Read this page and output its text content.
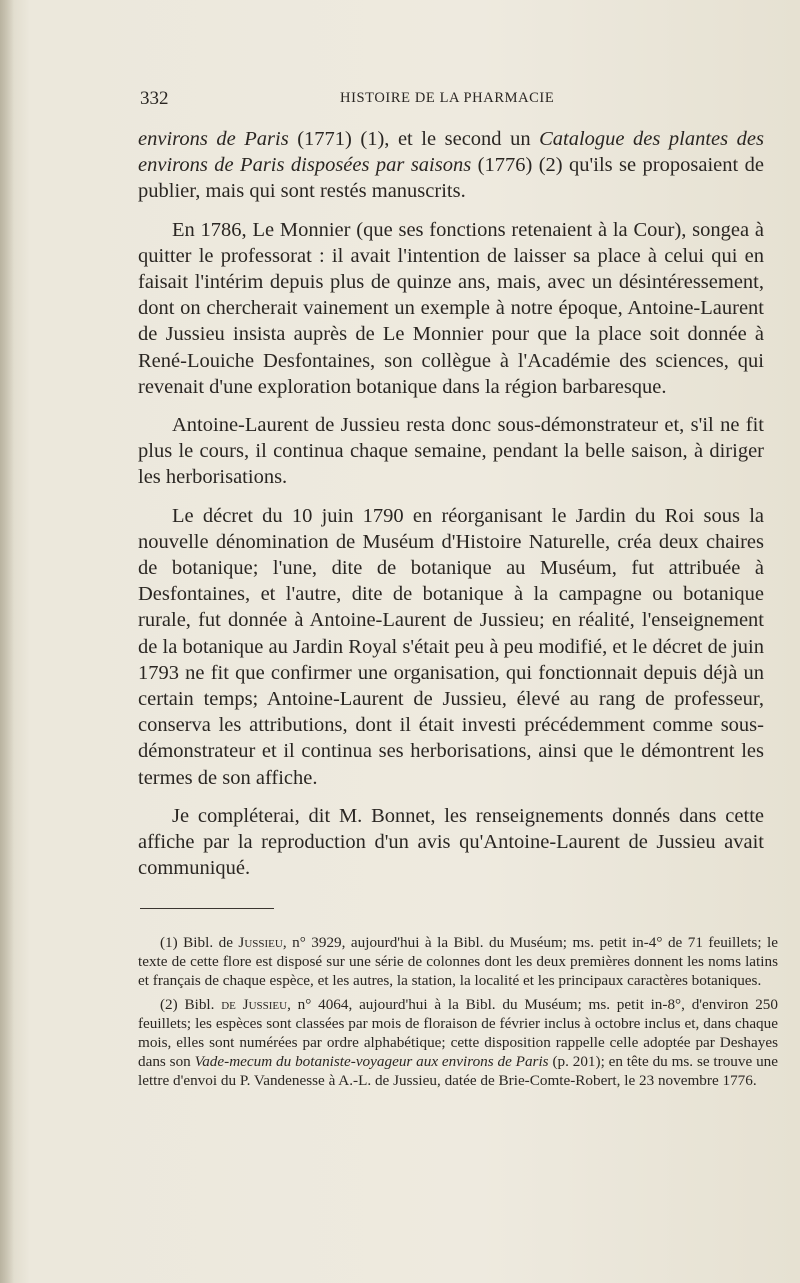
332	HISTOIRE DE LA PHARMACIE

environs de Paris (1771) (1), et le second un Catalogue des plantes des environs de Paris disposées par saisons (1776) (2) qu'ils se proposaient de publier, mais qui sont restés manuscrits.

En 1786, Le Monnier (que ses fonctions retenaient à la Cour), songea à quitter le professorat : il avait l'intention de laisser sa place à celui qui en faisait l'intérim depuis plus de quinze ans, mais, avec un désintéressement, dont on chercherait vainement un exemple à notre époque, Antoine-Laurent de Jussieu insista auprès de Le Monnier pour que la place soit donnée à René-Louiche Desfontaines, son collègue à l'Académie des sciences, qui revenait d'une exploration botanique dans la région barbaresque.

Antoine-Laurent de Jussieu resta donc sous-démonstrateur et, s'il ne fit plus le cours, il continua chaque semaine, pendant la belle saison, à diriger les herborisations.

Le décret du 10 juin 1790 en réorganisant le Jardin du Roi sous la nouvelle dénomination de Muséum d'Histoire Naturelle, créa deux chaires de botanique; l'une, dite de botanique au Muséum, fut attribuée à Desfontaines, et l'autre, dite de botanique à la campagne ou botanique rurale, fut donnée à Antoine-Laurent de Jussieu; en réalité, l'enseignement de la botanique au Jardin Royal s'était peu à peu modifié, et le décret de juin 1793 ne fit que confirmer une organisation, qui fonctionnait depuis déjà un certain temps; Antoine-Laurent de Jussieu, élevé au rang de professeur, conserva les attributions, dont il était investi précédemment comme sous-démonstrateur et il continua ses herborisations, ainsi que le démontrent les termes de son affiche.

Je compléterai, dit M. Bonnet, les renseignements donnés dans cette affiche par la reproduction d'un avis qu'Antoine-Laurent de Jussieu avait communiqué.

(1) Bibl. de Jussieu, n° 3929, aujourd'hui à la Bibl. du Muséum; ms. petit in-4° de 71 feuillets; le texte de cette flore est disposé sur une série de colonnes dont les deux premières donnent les noms latins et français de chaque espèce, et les autres, la station, la localité et les principaux caractères botaniques.

(2) Bibl. de Jussieu, n° 4064, aujourd'hui à la Bibl. du Muséum; ms. petit in-8°, d'environ 250 feuillets; les espèces sont classées par mois de floraison de février inclus à octobre inclus et, dans chaque mois, elles sont numérées par ordre alphabétique; cette disposition rappelle celle adoptée par Deshayes dans son Vade-mecum du botaniste-voyageur aux environs de Paris (p. 201); en tête du ms. se trouve une lettre d'envoi du P. Vandenesse à A.-L. de Jussieu, datée de Brie-Comte-Robert, le 23 novembre 1776.
